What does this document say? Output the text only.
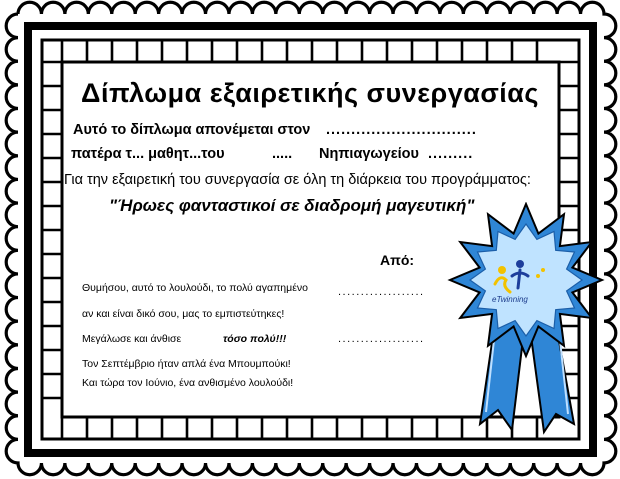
Δίπλωμα εξαιρετικής συνεργασίας
Αυτό το δίπλωμα απονέμεται στον ..............................
πατέρα τ... μαθητ...του	..... Νηπιαγωγείου .........
Για την εξαιρετική του συνεργασία σε όλη τη διάρκεια του προγράμματος:
"Ήρωες φανταστικοί σε διαδρομή μαγευτική"
Από:
Θυμήσου, αυτό το λουλούδι, το πολύ αγαπημένο
αν και είναι δικό σου, μας το εμπιστεύτηκες!
Μεγάλωσε και άνθισε	τόσο πολύ!!!
Τον Σεπτέμβριο ήταν απλά ένα Μπουμπούκι!
Και τώρα τον Ιούνιο, ένα ανθισμένο λουλούδι!
...................
...................
eTwinning
